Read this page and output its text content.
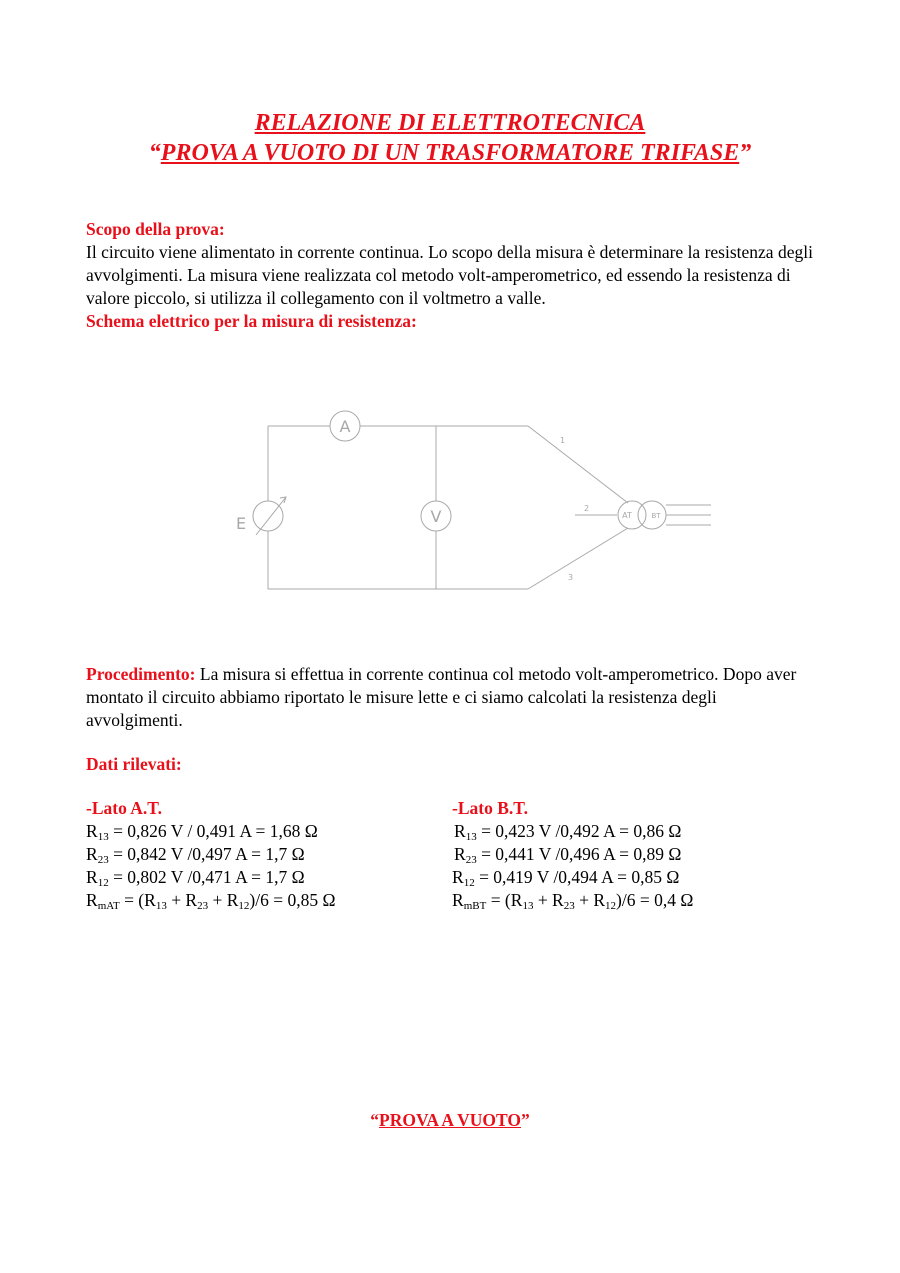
RELAZIONE DI ELETTROTECNICA
“PROVA A VUOTO DI UN TRASFORMATORE TRIFASE”
Scopo della prova:
Il circuito viene alimentato in corrente continua. Lo scopo della misura è determinare la resistenza degli avvolgimenti. La misura viene realizzata col metodo volt-amperometrico, ed essendo la resistenza di valore piccolo, si utilizza il collegamento con il voltmetro a valle.
Schema elettrico per la misura di resistenza:
A
E	V
1
2
3
AT	BT
Procedimento: La misura si effettua in corrente continua col metodo volt-amperometrico. Dopo aver montato il circuito abbiamo riportato le misure lette e ci siamo calcolati la resistenza degli avvolgimenti.
Dati rilevati:
-Lato A.T.
$R_{13} = 0,826$ V / 0,491 A = 1,68 Ω
$R_{23} = 0,842$ V /0,497 A = 1,7 Ω
$R_{12} = 0,802$ V /0,471 A = 1,7 Ω
$R_{mAT} = (R_{13} + R_{23} + R_{12})/6 = 0,85$ Ω
-Lato B.T.
$R_{13} = 0,423$ V /0,492 A = 0,86 Ω
$R_{23} = 0,441$ V /0,496 A = 0,89 Ω
$R_{12} = 0,419$ V /0,494 A = 0,85 Ω
$R_{mBT} = (R_{13} + R_{23} + R_{12})/6 = 0,4$ Ω
“PROVA A VUOTO”
